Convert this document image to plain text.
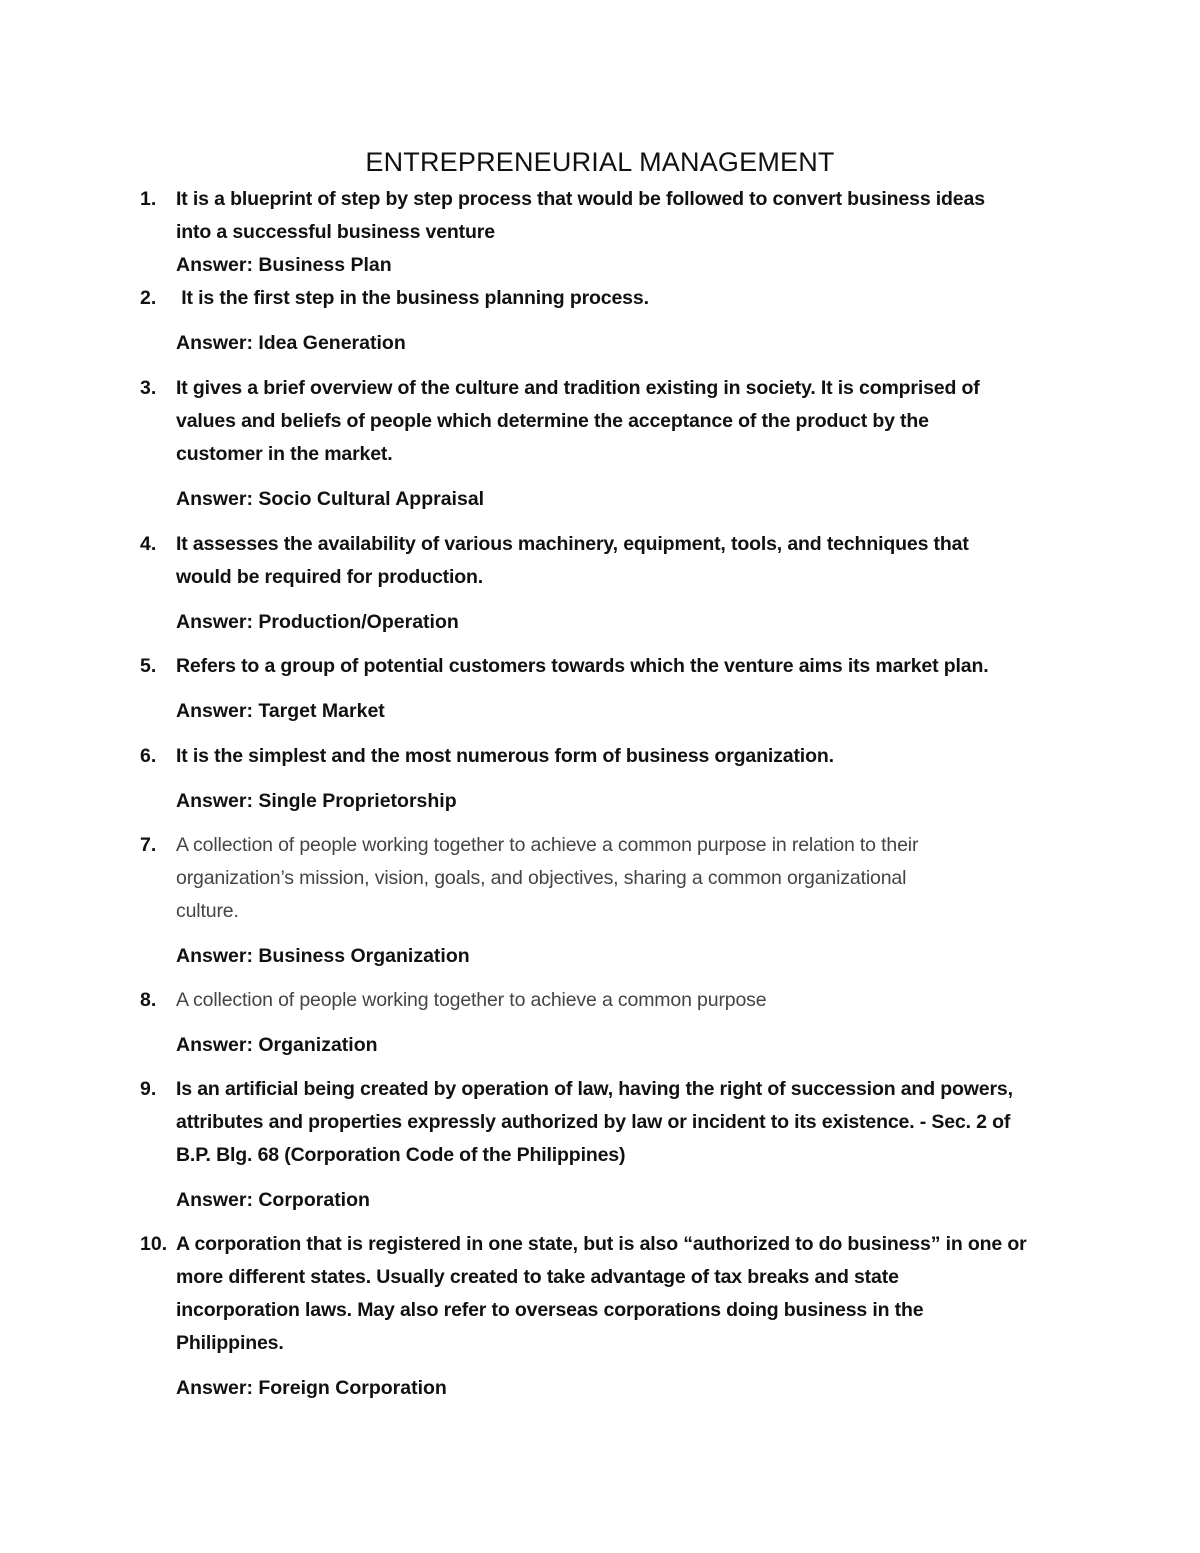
ENTREPRENEURIAL MANAGEMENT
1.	It is a blueprint of step by step process that would be followed to convert business ideas
into a successful business venture
Answer: Business Plan
2.	It is the first step in the business planning process.
Answer: Idea Generation
3.	It gives a brief overview of the culture and tradition existing in society. It is comprised of
values and beliefs of people which determine the acceptance of the product by the
customer in the market.
Answer: Socio Cultural Appraisal
4.	It assesses the availability of various machinery, equipment, tools, and techniques that
would be required for production.
Answer: Production/Operation
5.	Refers to a group of potential customers towards which the venture aims its market plan.
Answer: Target Market
6.	It is the simplest and the most numerous form of business organization.
Answer: Single Proprietorship
7.	A collection of people working together to achieve a common purpose in relation to their
organization’s mission, vision, goals, and objectives, sharing a common organizational
culture.
Answer: Business Organization
8.	A collection of people working together to achieve a common purpose
Answer: Organization
9.	Is an artificial being created by operation of law, having the right of succession and powers,
attributes and properties expressly authorized by law or incident to its existence. - Sec. 2 of
B.P. Blg. 68 (Corporation Code of the Philippines)
Answer: Corporation
10. A corporation that is registered in one state, but is also “authorized to do business” in one or
more different states. Usually created to take advantage of tax breaks and state
incorporation laws. May also refer to overseas corporations doing business in the
Philippines.
Answer: Foreign Corporation
